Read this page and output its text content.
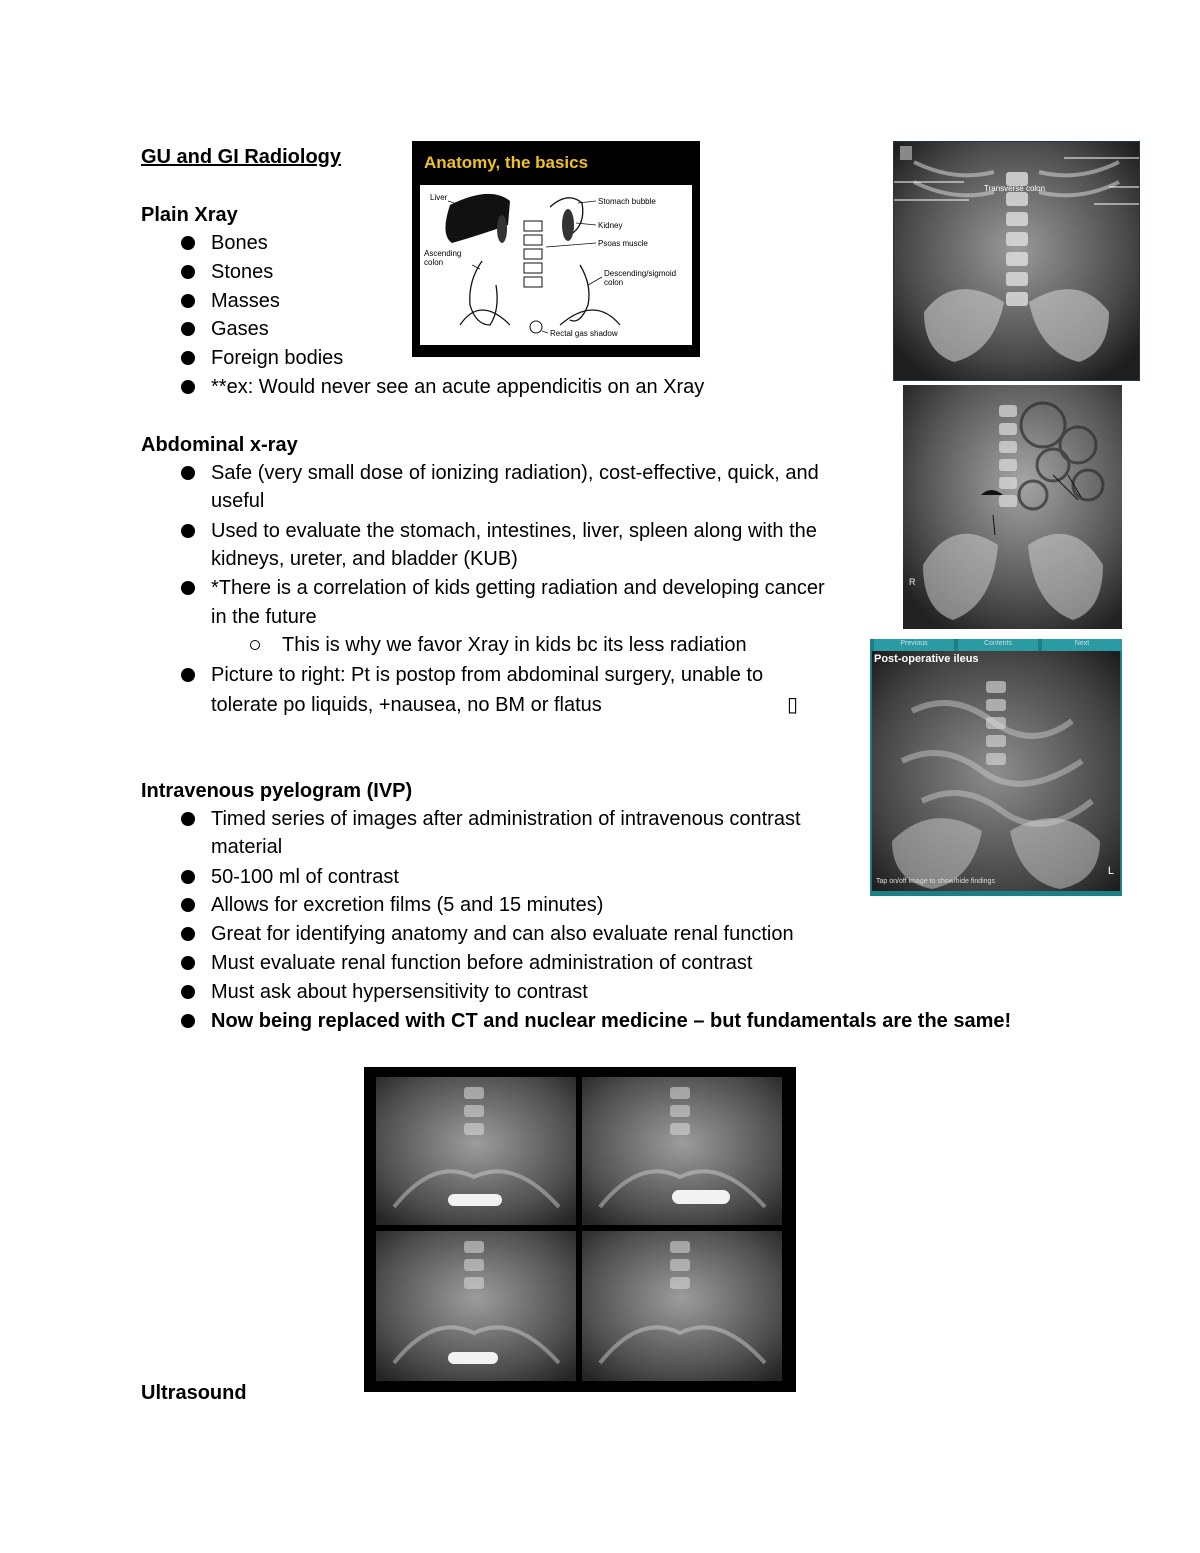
GU and GI Radiology
Plain Xray
Bones
Stones
Masses
Gases
Foreign bodies
**ex: Would never see an acute appendicitis on an Xray
Abdominal x-ray
Safe (very small dose of ionizing radiation), cost-effective, quick, and
useful
Used to evaluate the stomach, intestines, liver, spleen along with the
kidneys, ureter, and bladder (KUB)
*There is a correlation of kids getting radiation and developing cancer
in the future
This is why we favor Xray in kids bc its less radiation
Picture to right: Pt is postop from abdominal surgery, unable to
tolerate po liquids, +nausea, no BM or flatus	▯
Intravenous pyelogram (IVP)
Timed series of images after administration of intravenous contrast
material
50-100 ml of contrast
Allows for excretion films (5 and 15 minutes)
Great for identifying anatomy and can also evaluate renal function
Must evaluate renal function before administration of contrast
Must ask about hypersensitivity to contrast
Now being replaced with CT and nuclear medicine – but fundamentals are the same!
Ultrasound
Anatomy, the basics
Liver	Stomach bubble
Kidney
Psoas muscle
Ascending
colon
Descending/sigmoid
colon
Rectal gas shadow
Transverse colon
R
Previous	Contents	Next
Post-operative ileus
L
Tap on/off image to show/hide findings
